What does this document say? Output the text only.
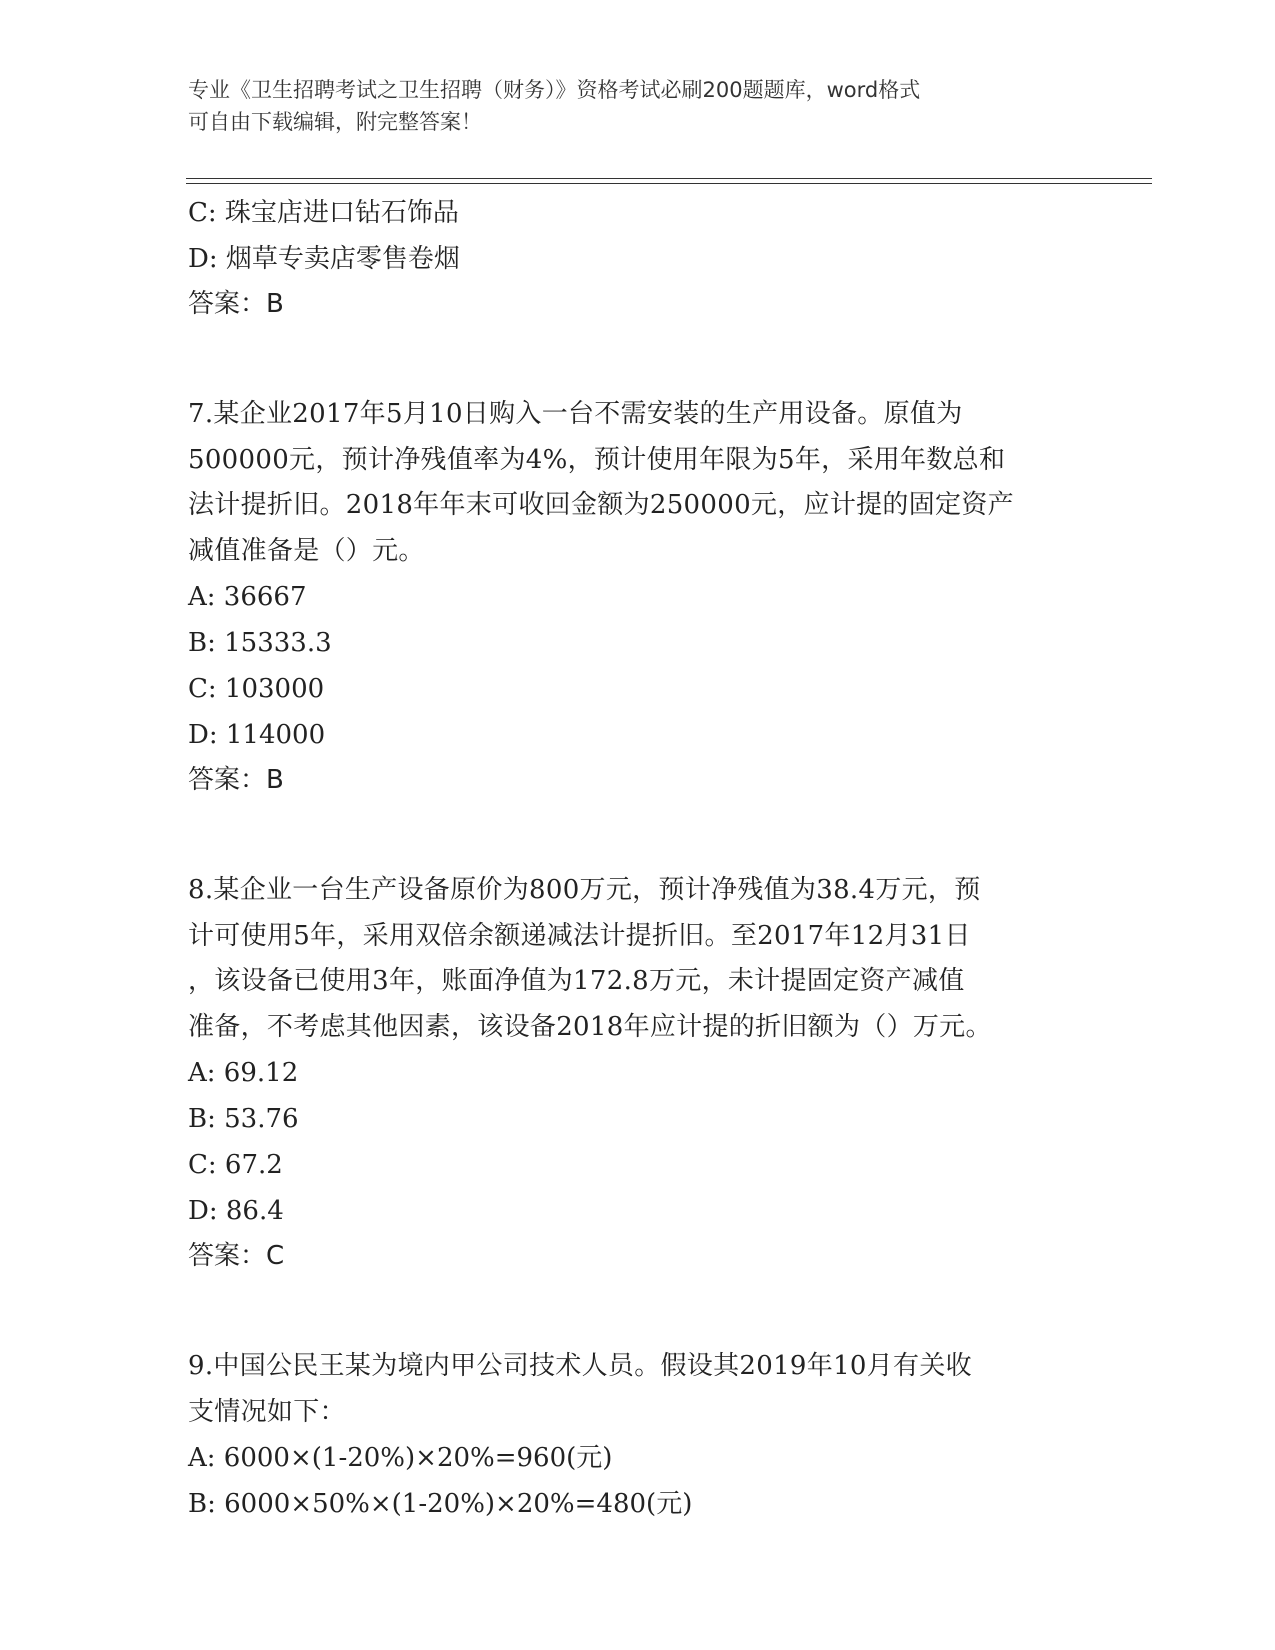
专业《卫生招聘考试之卫生招聘（财务）》资格考试必刷200题题库，word格式
可自由下载编辑，附完整答案！
C: 珠宝店进口钻石饰品
D: 烟草专卖店零售卷烟
答案：B
7.某企业2017年5月10日购入一台不需安装的生产用设备。原值为
500000元，预计净残值率为4%，预计使用年限为5年，采用年数总和
法计提折旧。2018年年末可收回金额为250000元，应计提的固定资产
减值准备是（）元。
A: 36667
B: 15333.3
C: 103000
D: 114000
答案：B
8.某企业一台生产设备原价为800万元，预计净残值为38.4万元，预
计可使用5年，采用双倍余额递减法计提折旧。至2017年12月31日
，该设备已使用3年，账面净值为172.8万元，未计提固定资产减值
准备，不考虑其他因素，该设备2018年应计提的折旧额为（）万元。
A: 69.12
B: 53.76
C: 67.2
D: 86.4
答案：C
9.中国公民王某为境内甲公司技术人员。假设其2019年10月有关收
支情况如下：
A: 6000×(1-20%)×20%=960(元)
B: 6000×50%×(1-20%)×20%=480(元)
